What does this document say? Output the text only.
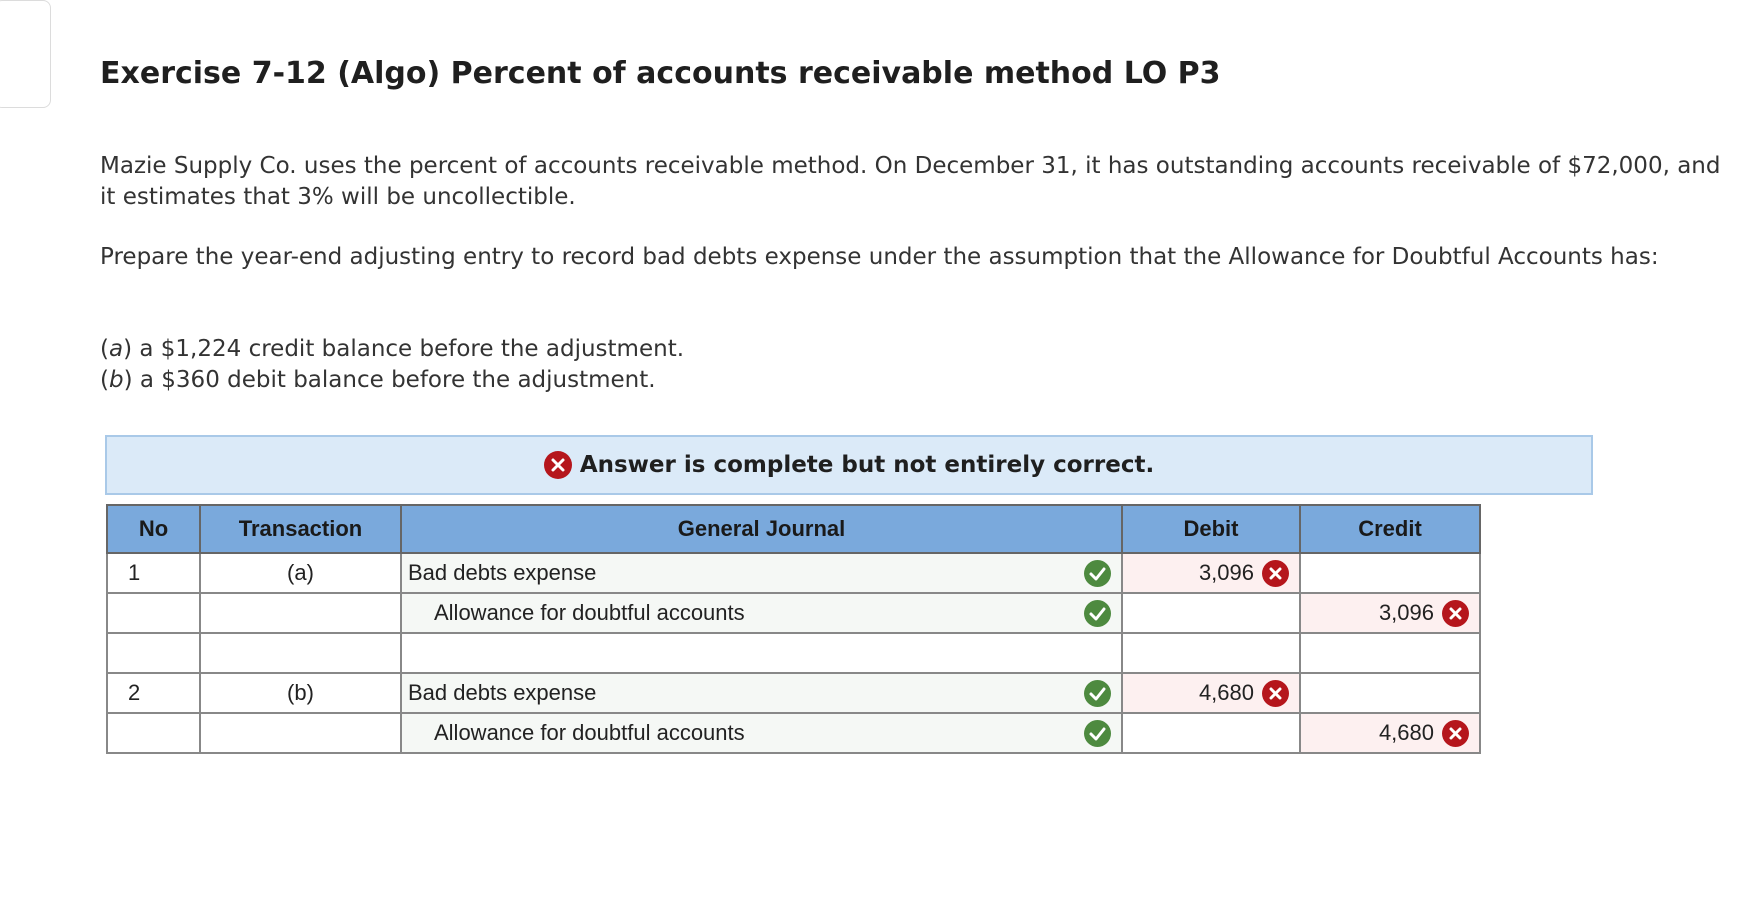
Exercise 7-12 (Algo) Percent of accounts receivable method LO P3

Mazie Supply Co. uses the percent of accounts receivable method. On December 31, it has outstanding accounts receivable of $72,000, and it estimates that 3% will be uncollectible.

Prepare the year-end adjusting entry to record bad debts expense under the assumption that the Allowance for Doubtful Accounts has:

(a) a $1,224 credit balance before the adjustment.
(b) a $360 debit balance before the adjustment.

Answer is complete but not entirely correct.
No	Transaction	General Journal	Debit	Credit
1	(a)	Bad debts expense	3,096	

		Allowance for doubtful accounts		3,096

2	(b)	Bad debts expense	4,680	

		Allowance for doubtful accounts		4,680
